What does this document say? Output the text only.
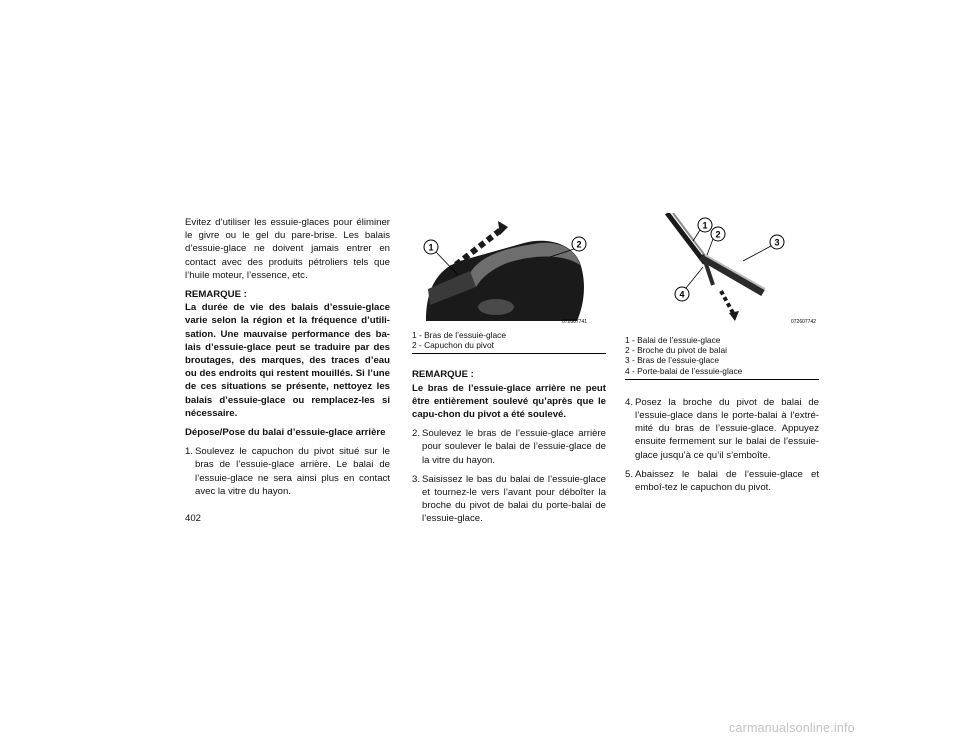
Evitez d’utiliser les essuie-glaces pour éliminer le givre ou le gel du pare-brise. Les balais d’essuie-glace ne doivent jamais entrer en contact avec des produits pétroliers tels que l’huile moteur, l’essence, etc.

REMARQUE :

La durée de vie des balais d’essuie-glace varie selon la région et la fréquence d’utili-sation. Une mauvaise performance des ba-lais d’essuie-glace peut se traduire par des broutages, des marques, des traces d’eau ou des endroits qui restent mouillés. Si l’une de ces situations se présente, nettoyez les balais d’essuie-glace ou remplacez-les si nécessaire.

Dépose/Pose du balai d’essuie-glace arrière

1. Soulevez le capuchon du pivot situé sur le bras de l’essuie-glace arrière. Le balai de l’essuie-glace ne sera ainsi plus en contact avec la vitre du hayon.
1	2
072607741
1 - Bras de l’essuie-glace
2 - Capuchon du pivot

REMARQUE :

Le bras de l’essuie-glace arrière ne peut être entièrement soulevé qu’après que le capu-chon du pivot a été soulevé.

2. Soulevez le bras de l’essuie-glace arrière pour soulever le balai de l’essuie-glace de la vitre du hayon.
3. Saisissez le bas du balai de l’essuie-glace et tournez-le vers l’avant pour déboîter la broche du pivot de balai du porte-balai de l’essuie-glace.
1
2
3
4
072607742
1 - Balai de l’essuie-glace
2 - Broche du pivot de balai
3 - Bras de l’essuie-glace
4 - Porte-balai de l’essuie-glace
4. Posez la broche du pivot de balai de l’essuie-glace dans le porte-balai à l’extré-mité du bras de l’essuie-glace. Appuyez ensuite fermement sur le balai de l’essuie-glace jusqu’à ce qu’il s’emboîte.
5. Abaissez le balai de l’essuie-glace et emboî-tez le capuchon du pivot.
402
carmanualsonline.info
